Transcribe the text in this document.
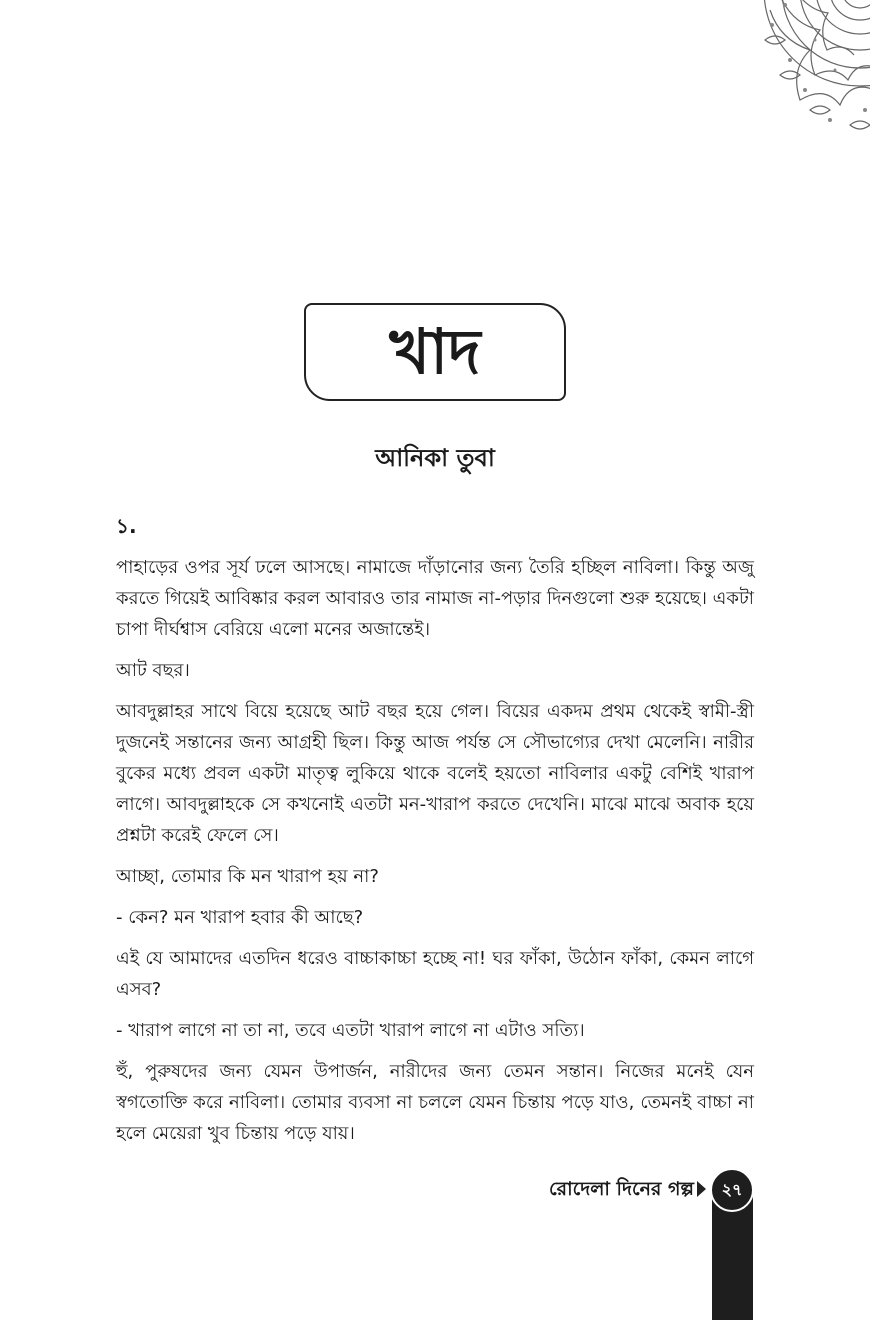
খাদ
আনিকা তুবা
১.

পাহাড়ের ওপর সূর্য ঢলে আসছে। নামাজে দাঁড়ানোর জন্য তৈরি হচ্ছিল নাবিলা। কিন্তু অজু করতে গিয়েই আবিষ্কার করল আবারও তার নামাজ না-পড়ার দিনগুলো শুরু হয়েছে। একটা চাপা দীর্ঘশ্বাস বেরিয়ে এলো মনের অজান্তেই।

আট বছর।

আবদুল্লাহর সাথে বিয়ে হয়েছে আট বছর হয়ে গেল। বিয়ের একদম প্রথম থেকেই স্বামী-স্ত্রী দুজনেই সন্তানের জন্য আগ্রহী ছিল। কিন্তু আজ পর্যন্ত সে সৌভাগ্যের দেখা মেলেনি। নারীর বুকের মধ্যে প্রবল একটা মাতৃত্ব লুকিয়ে থাকে বলেই হয়তো নাবিলার একটু বেশিই খারাপ লাগে। আবদুল্লাহকে সে কখনোই এতটা মন-খারাপ করতে দেখেনি। মাঝে মাঝে অবাক হয়ে প্রশ্নটা করেই ফেলে সে।

আচ্ছা, তোমার কি মন খারাপ হয় না?

- কেন? মন খারাপ হবার কী আছে?

এই যে আমাদের এতদিন ধরেও বাচ্চাকাচ্চা হচ্ছে না! ঘর ফাঁকা, উঠোন ফাঁকা, কেমন লাগে এসব?

- খারাপ লাগে না তা না, তবে এতটা খারাপ লাগে না এটাও সত্যি।

হুঁ, পুরুষদের জন্য যেমন উপার্জন, নারীদের জন্য তেমন সন্তান। নিজের মনেই যেন স্বগতোক্তি করে নাবিলা। তোমার ব্যবসা না চললে যেমন চিন্তায় পড়ে যাও, তেমনই বাচ্চা না হলে মেয়েরা খুব চিন্তায় পড়ে যায়।

রোদেলা দিনের গল্প ২৭
